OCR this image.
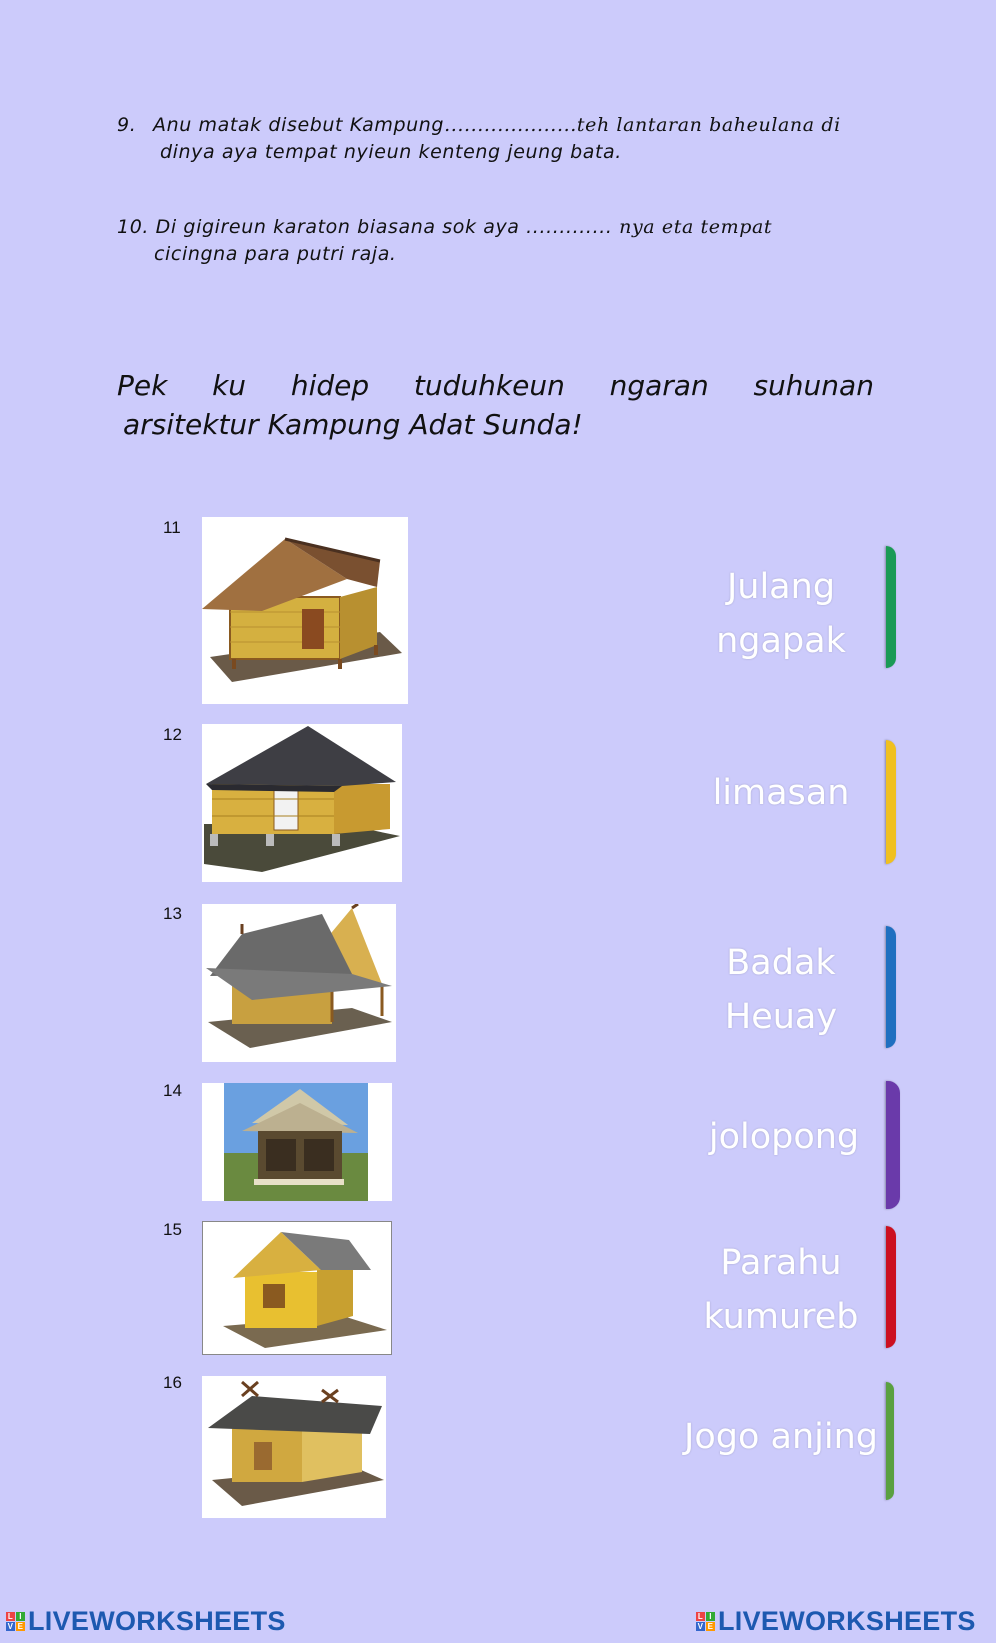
9. Anu matak disebut Kampung....................teh lantaran baheulana di
dinya aya tempat nyieun kenteng jeung bata.
10. Di gigireun karaton biasana sok aya ............. nya eta tempat
cicingna para putri raja.
Pek ku hidep tuduhkeun ngaran suhunan
arsitektur Kampung Adat Sunda!
11
12
13
14
15
16
Julang
ngapak
limasan
Badak
Heuay
jolopong
Parahu
kumureb
Jogo anjing
L I
V E LIVEWORKSHEETS	L I
V E LIVEWORKSHEETS
